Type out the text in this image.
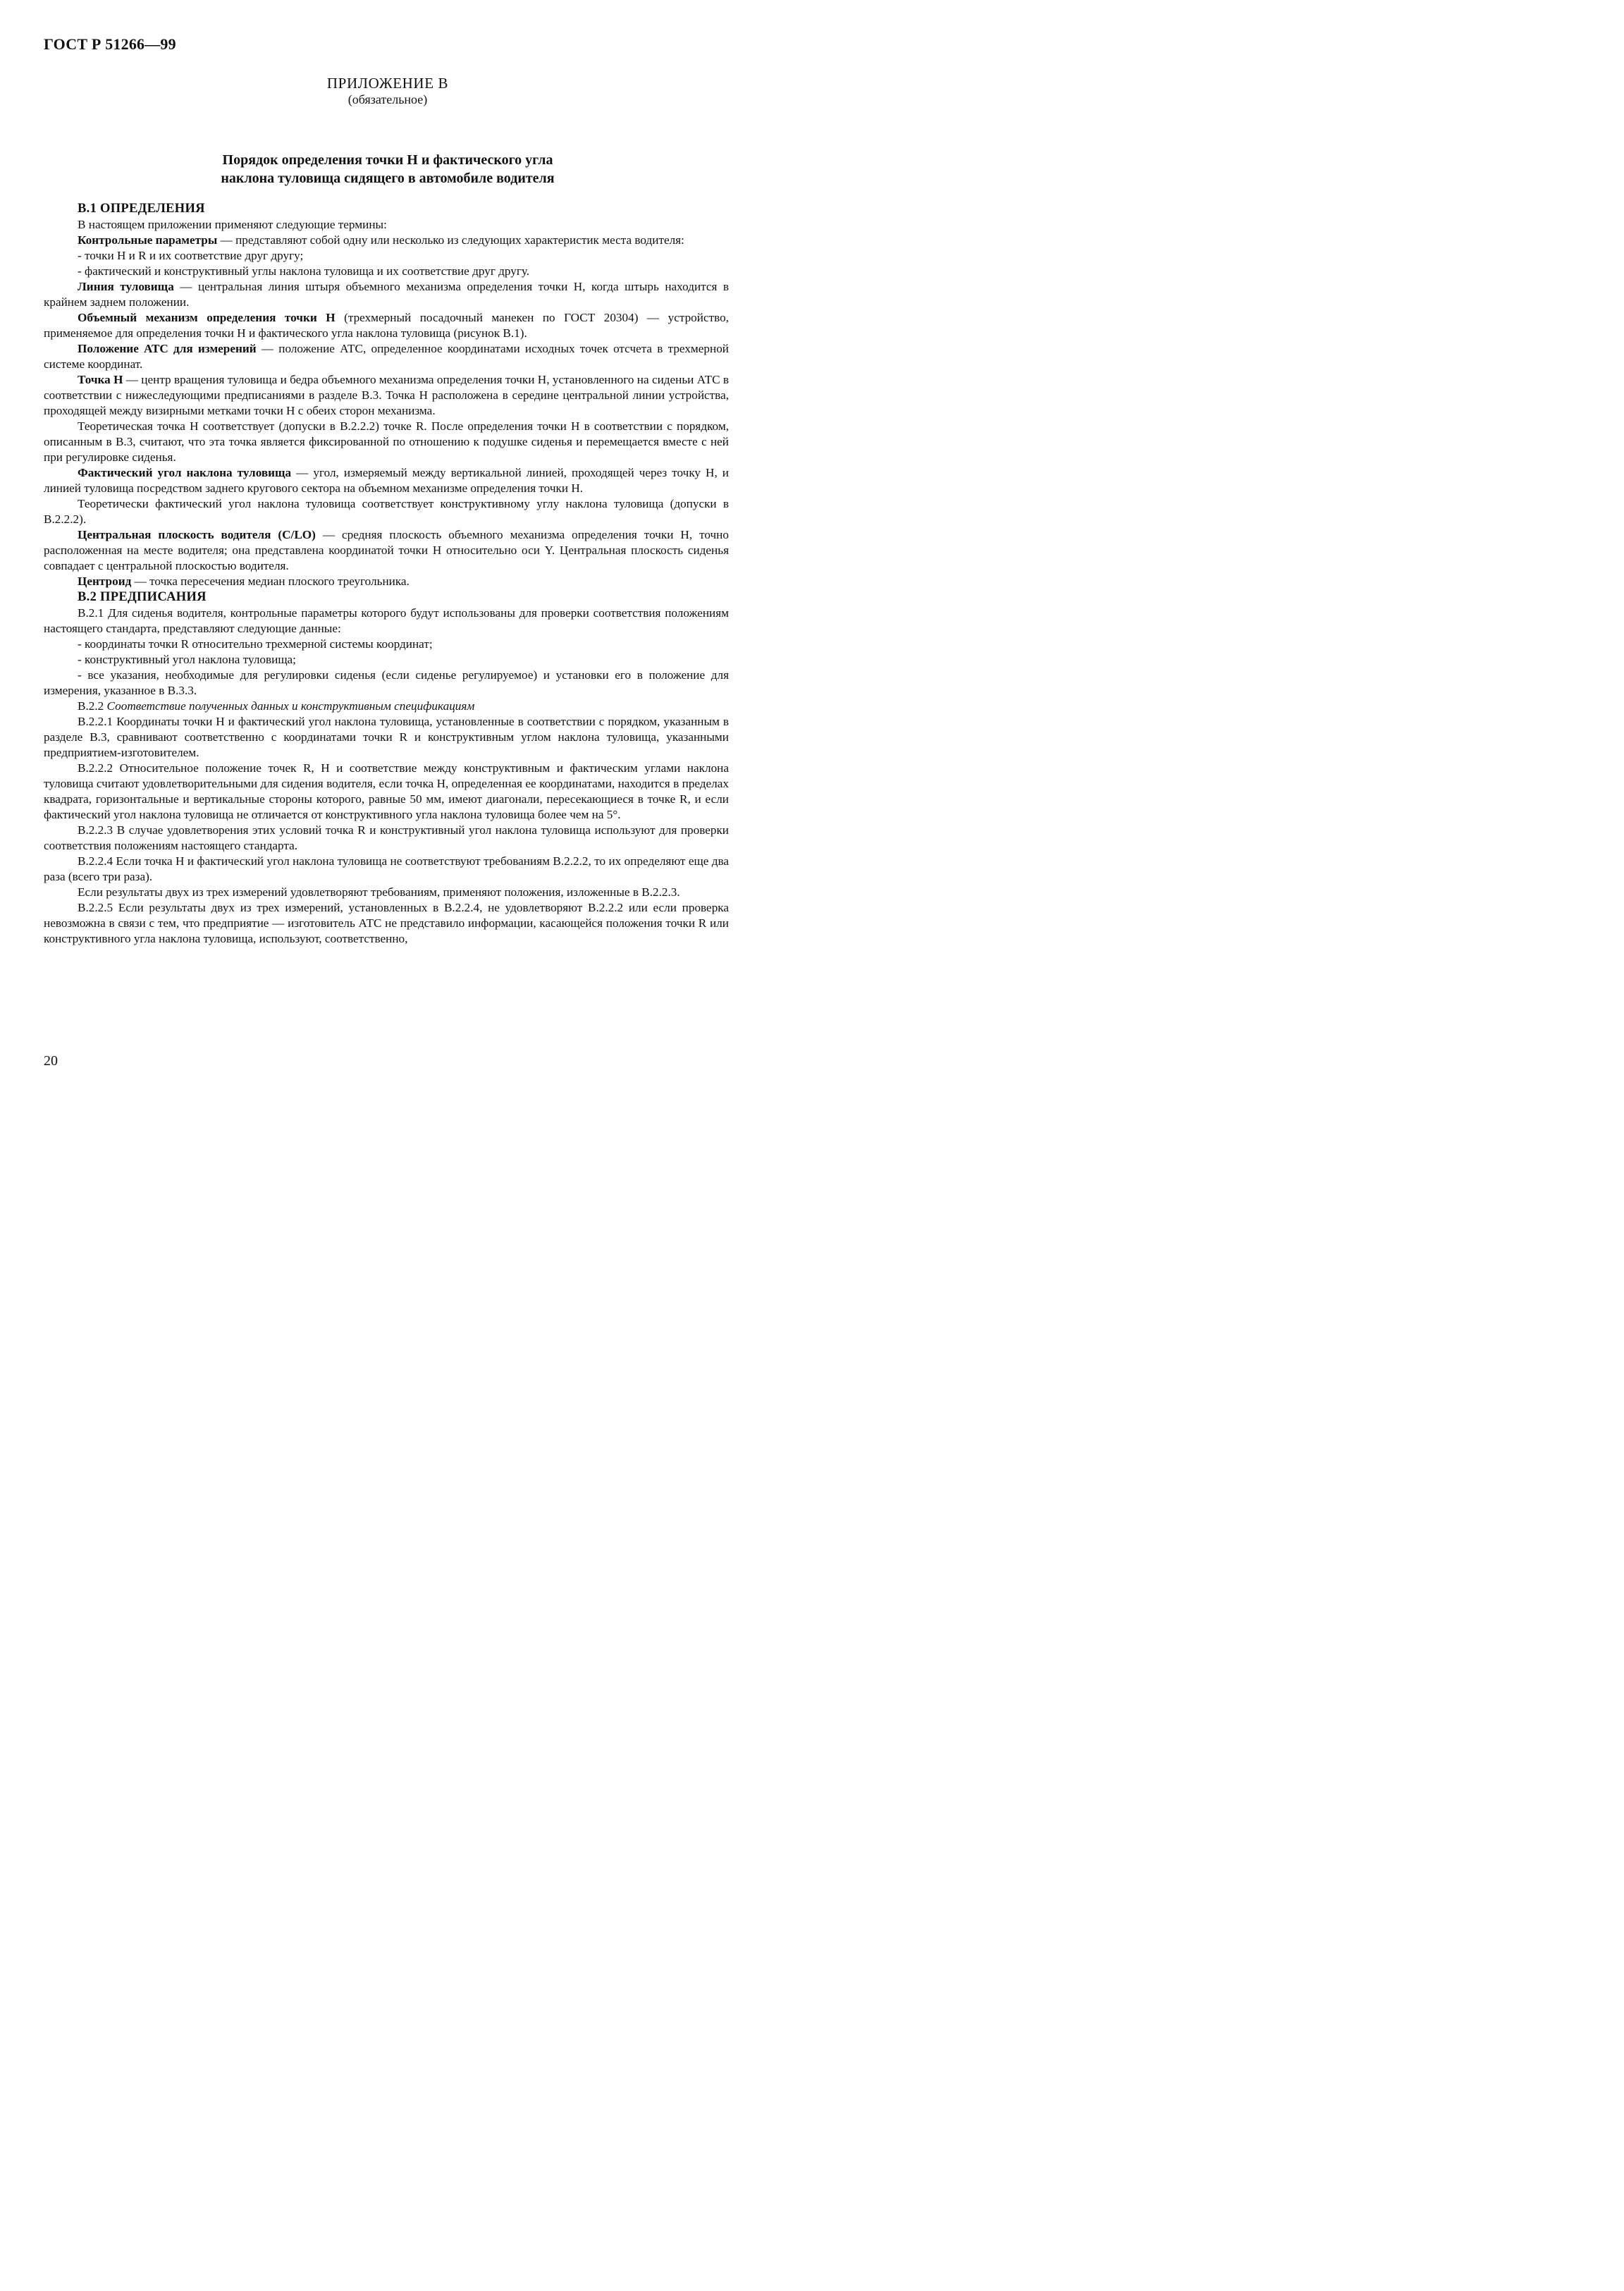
ГОСТ Р 51266—99
ПРИЛОЖЕНИЕ В
(обязательное)
Порядок определения точки Н и фактического угла
наклона туловища сидящего в автомобиле водителя
В.1 ОПРЕДЕЛЕНИЯ

В настоящем приложении применяют следующие термины:

Контрольные параметры — представляют собой одну или несколько из следующих характеристик места водителя:

- точки Н и R и их соответствие друг другу;

- фактический и конструктивный углы наклона туловища и их соответствие друг другу.

Линия туловища — центральная линия штыря объемного механизма определения точки Н, когда штырь находится в крайнем заднем положении.

Объемный механизм определения точки Н (трехмерный посадочный манекен по ГОСТ 20304) — устройство, применяемое для определения точки Н и фактического угла наклона туловища (рисунок В.1).

Положение АТС для измерений — положение АТС, определенное координатами исходных точек отсчета в трехмерной системе координат.

Точка Н — центр вращения туловища и бедра объемного механизма определения точки Н, установленного на сиденьи АТС в соответствии с нижеследующими предписаниями в разделе В.3. Точка Н расположена в середине центральной линии устройства, проходящей между визирными метками точки Н с обеих сторон механизма.

Теоретическая точка Н соответствует (допуски в В.2.2.2) точке R. После определения точки Н в соответствии с порядком, описанным в В.3, считают, что эта точка является фиксированной по отношению к подушке сиденья и перемещается вместе с ней при регулировке сиденья.

Фактический угол наклона туловища — угол, измеряемый между вертикальной линией, проходящей через точку Н, и линией туловища посредством заднего кругового сектора на объемном механизме определения точки Н.

Теоретически фактический угол наклона туловища соответствует конструктивному углу наклона туловища (допуски в В.2.2.2).

Центральная плоскость водителя (C/LO) — средняя плоскость объемного механизма определения точки Н, точно расположенная на месте водителя; она представлена координатой точки Н относительно оси Y. Центральная плоскость сиденья совпадает с центральной плоскостью водителя.

Центроид — точка пересечения медиан плоского треугольника.

В.2 ПРЕДПИСАНИЯ

В.2.1 Для сиденья водителя, контрольные параметры которого будут использованы для проверки соответствия положениям настоящего стандарта, представляют следующие данные:

- координаты точки R относительно трехмерной системы координат;

- конструктивный угол наклона туловища;

- все указания, необходимые для регулировки сиденья (если сиденье регулируемое) и установки его в положение для измерения, указанное в В.3.3.

В.2.2 Соответствие полученных данных и конструктивным спецификациям

В.2.2.1 Координаты точки Н и фактический угол наклона туловища, установленные в соответствии с порядком, указанным в разделе В.3, сравнивают соответственно с координатами точки R и конструктивным углом наклона туловища, указанными предприятием-изготовителем.

В.2.2.2 Относительное положение точек R, Н и соответствие между конструктивным и фактическим углами наклона туловища считают удовлетворительными для сидения водителя, если точка Н, определенная ее координатами, находится в пределах квадрата, горизонтальные и вертикальные стороны которого, равные 50 мм, имеют диагонали, пересекающиеся в точке R, и если фактический угол наклона туловища не отличается от конструктивного угла наклона туловища более чем на 5°.

В.2.2.3 В случае удовлетворения этих условий точка R и конструктивный угол наклона туловища используют для проверки соответствия положениям настоящего стандарта.

В.2.2.4 Если точка Н и фактический угол наклона туловища не соответствуют требованиям В.2.2.2, то их определяют еще два раза (всего три раза).

Если результаты двух из трех измерений удовлетворяют требованиям, применяют положения, изложенные в В.2.2.3.

В.2.2.5 Если результаты двух из трех измерений, установленных в В.2.2.4, не удовлетворяют В.2.2.2 или если проверка невозможна в связи с тем, что предприятие — изготовитель АТС не представило информации, касающейся положения точки R или конструктивного угла наклона туловища, используют, соответственно,

20
